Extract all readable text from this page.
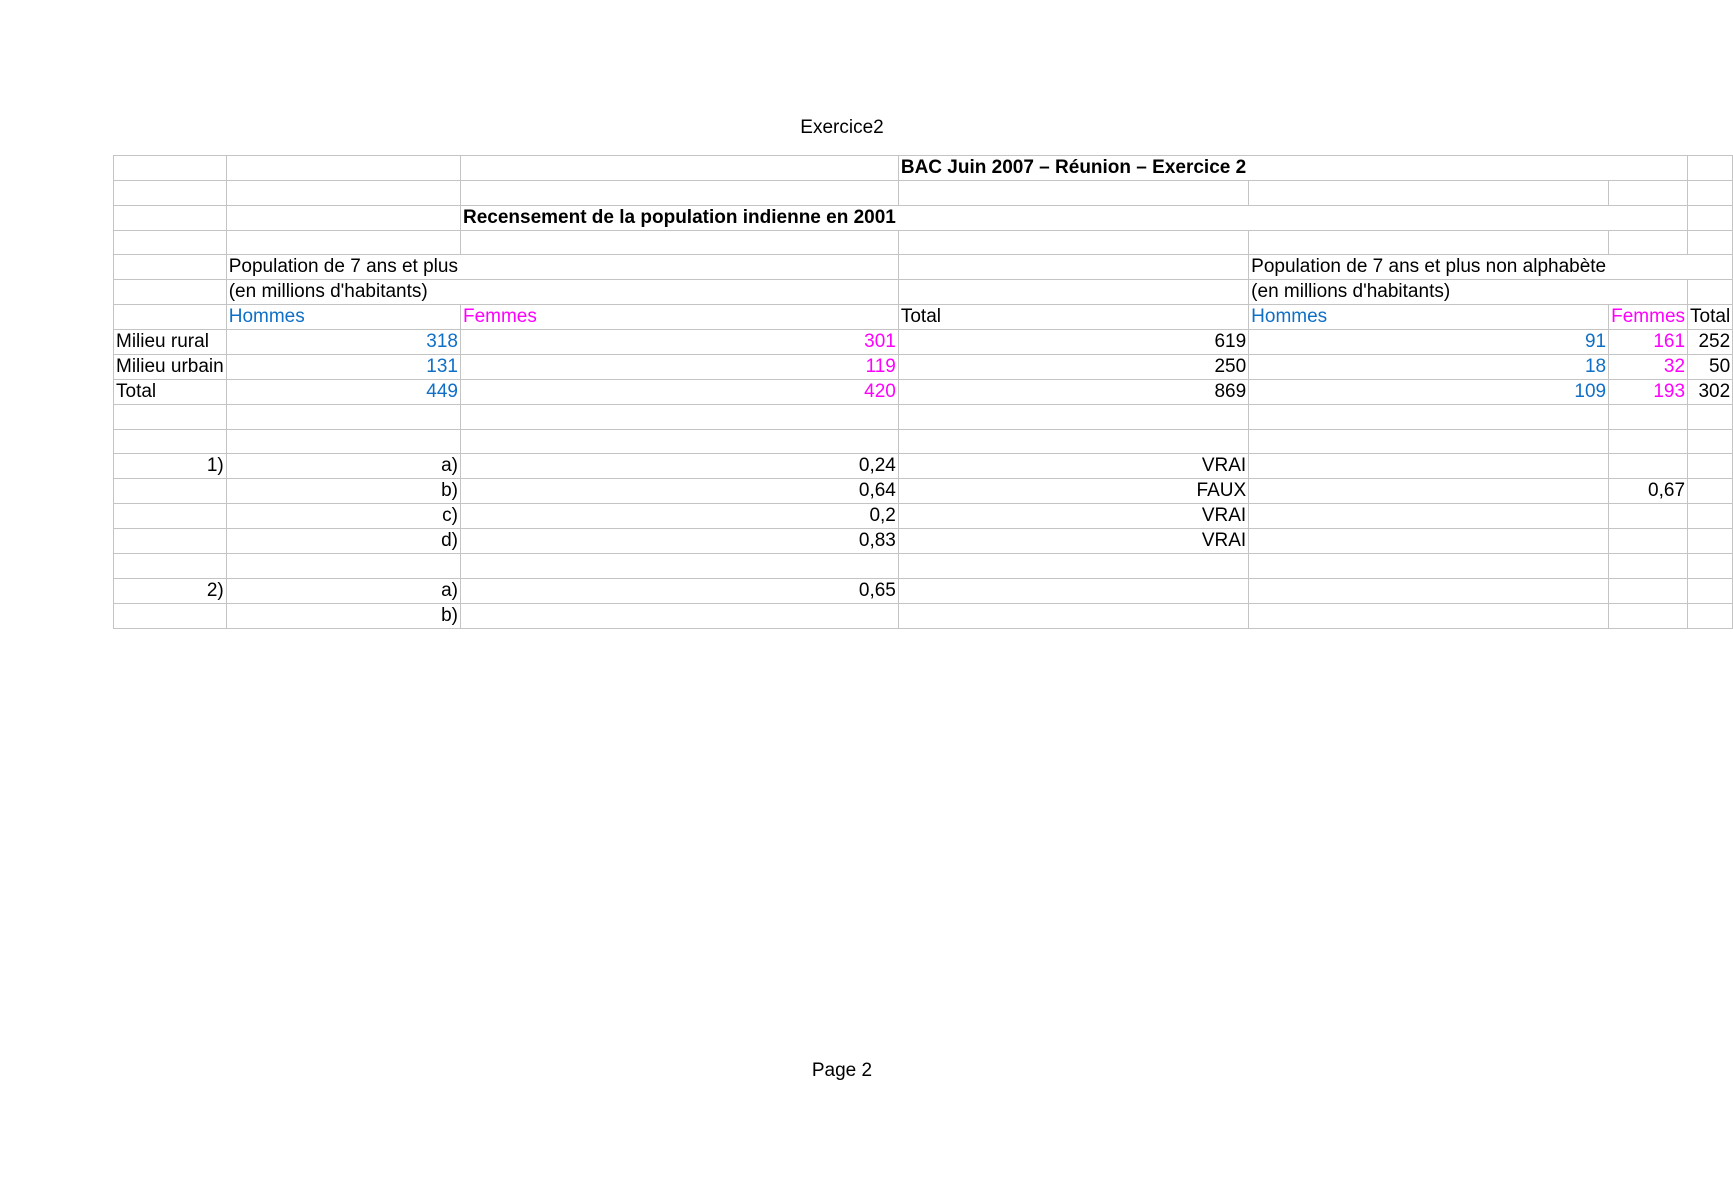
Exercice2
			BAC Juin 2007 – Réunion – Exercice 2			

		Recensement de la population indienne en 2001				

	Population de 7 ans et plus			Population de 7 ans et plus non alphabète		
	(en millions d'habitants)			(en millions d'habitants)		
	Hommes	Femmes	Total	Hommes	Femmes	Total
Milieu rural	318	301	619	91	161	252
Milieu urbain	131	119	250	18	32	50
Total	449	420	869	109	193	302

1)	a)	0,24	VRAI			
	b)	0,64	FAUX		0,67	
	c)	0,2	VRAI			
	d)	0,83	VRAI			

2)	a)	0,65				
	b)					
Page 2
